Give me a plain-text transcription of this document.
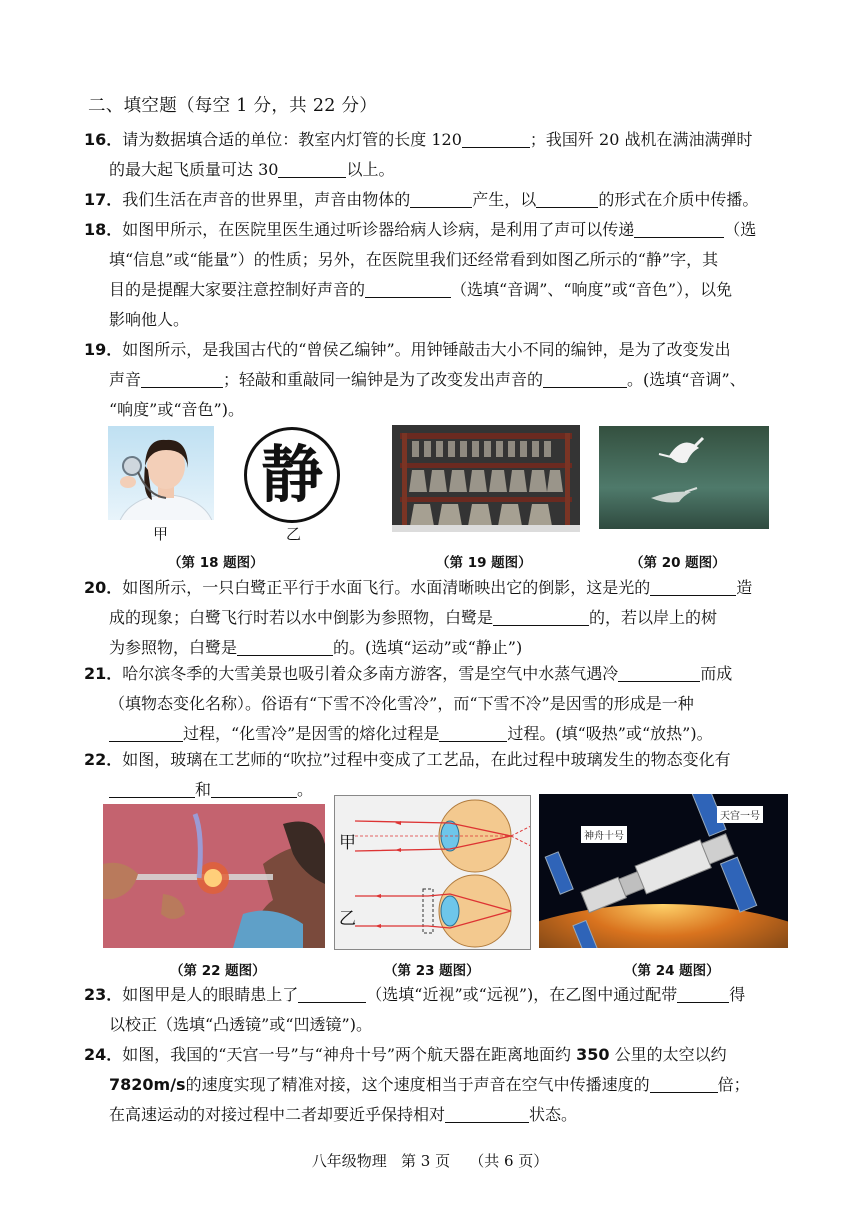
二、填空题（每空 1 分，共 22 分）
16．请为数据填合适的单位：教室内灯管的长度 120	；我国歼 20 战机在满油满弹时
的最大起飞质量可达 30	以上。
17．我们生活在声音的世界里，声音由物体的	产生，以	的形式在介质中传播。
18．如图甲所示，在医院里医生通过听诊器给病人诊病，是利用了声可以传递	（选
填“信息”或“能量”）的性质；另外，在医院里我们还经常看到如图乙所示的“静”字，其
目的是提醒大家要注意控制好声音的	（选填“音调”、“响度”或“音色”），以免
影响他人。
19．如图所示，是我国古代的“曾侯乙编钟”。用钟锤敲击大小不同的编钟，是为了改变发出
声音	；轻敲和重敲同一编钟是为了改变发出声音的	。(选填“音调”、
“响度”或“音色”)。
甲
静
乙
（第 18 题图）	（第 19 题图）	（第 20 题图）
20．如图所示，一只白鹭正平行于水面飞行。水面清晰映出它的倒影，这是光的	造
成的现象；白鹭飞行时若以水中倒影为参照物，白鹭是	的，若以岸上的树
为参照物，白鹭是	的。(选填“运动”或“静止”)
21．哈尔滨冬季的大雪美景也吸引着众多南方游客，雪是空气中水蒸气遇冷	而成
（填物态变化名称）。俗语有“下雪不冷化雪冷”，而“下雪不冷”是因雪的形成是一种
过程，“化雪冷”是因雪的熔化过程是	过程。(填“吸热”或“放热”)。
22．如图，玻璃在工艺师的“吹拉”过程中变成了工艺品，在此过程中玻璃发生的物态变化有
和	。
甲
乙
天宫一号
神舟十号
（第 22 题图）	（第 23 题图）	（第 24 题图）
23．如图甲是人的眼睛患上了	（选填“近视”或“远视”)，在乙图中通过配带	得
以校正（选填“凸透镜”或“凹透镜”)。
24．如图，我国的“天宫一号”与“神舟十号”两个航天器在距离地面约 350 公里的太空以约
7820m/s的速度实现了精准对接，这个速度相当于声音在空气中传播速度的	倍；
在高速运动的对接过程中二者却要近乎保持相对	状态。
八年级物理 第 3 页 （共 6 页）
